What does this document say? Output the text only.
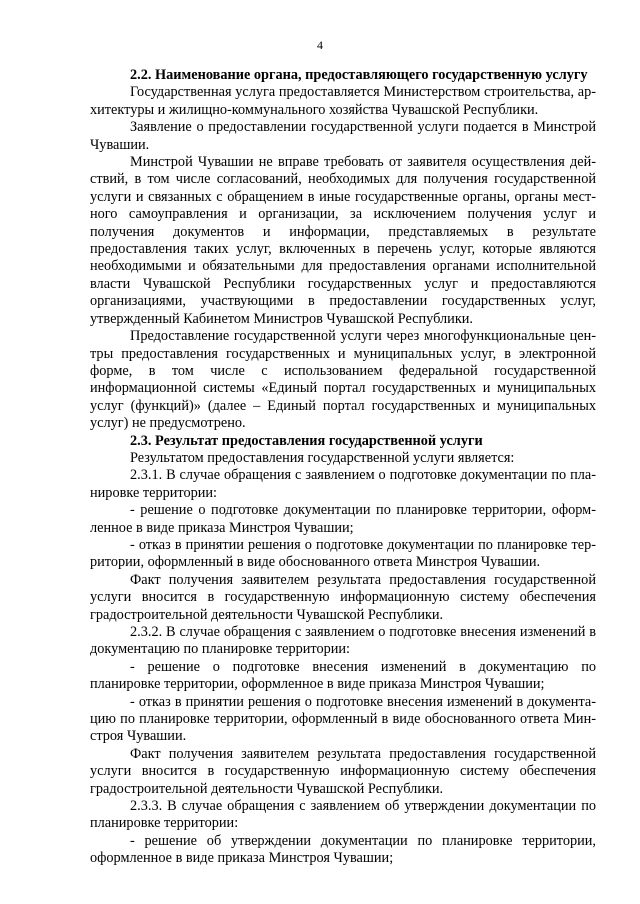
4

2.2. Наименование органа, предоставляющего государственную услугу

Государственная услуга предоставляется Министерством строительства, архитектуры и жилищно-коммунального хозяйства Чувашской Республики.

Заявление о предоставлении государственной услуги подается в Минстрой Чувашии.

Минстрой Чувашии не вправе требовать от заявителя осуществления действий, в том числе согласований, необходимых для получения государственной услуги и связанных с обращением в иные государственные органы, органы местного самоуправления и организации, за исключением получения услуг и получения документов и информации, представляемых в результате предоставления таких услуг, включенных в перечень услуг, которые являются необходимыми и обязательными для предоставления органами исполнительной власти Чувашской Республики государственных услуг и предоставляются организациями, участвующими в предоставлении государственных услуг, утвержденный Кабинетом Министров Чувашской Республики.

Предоставление государственной услуги через многофункциональные центры предоставления государственных и муниципальных услуг, в электронной форме, в том числе с использованием федеральной государственной информационной системы «Единый портал государственных и муниципальных услуг (функций)» (далее – Единый портал государственных и муниципальных услуг) не предусмотрено.

2.3. Результат предоставления государственной услуги

Результатом предоставления государственной услуги является:

2.3.1. В случае обращения с заявлением о подготовке документации по планировке территории:

- решение о подготовке документации по планировке территории, оформленное в виде приказа Минстроя Чувашии;

- отказ в принятии решения о подготовке документации по планировке территории, оформленный в виде обоснованного ответа Минстроя Чувашии.

Факт получения заявителем результата предоставления государственной услуги вносится в государственную информационную систему обеспечения градостроительной деятельности Чувашской Республики.

2.3.2. В случае обращения с заявлением о подготовке внесения изменений в документацию по планировке территории:

- решение о подготовке внесения изменений в документацию по планировке территории, оформленное в виде приказа Минстроя Чувашии;

- отказ в принятии решения о подготовке внесения изменений в документацию по планировке территории, оформленный в виде обоснованного ответа Минстроя Чувашии.

Факт получения заявителем результата предоставления государственной услуги вносится в государственную информационную систему обеспечения градостроительной деятельности Чувашской Республики.

2.3.3. В случае обращения с заявлением об утверждении документации по планировке территории:

- решение об утверждении документации по планировке территории, оформленное в виде приказа Минстроя Чувашии;
